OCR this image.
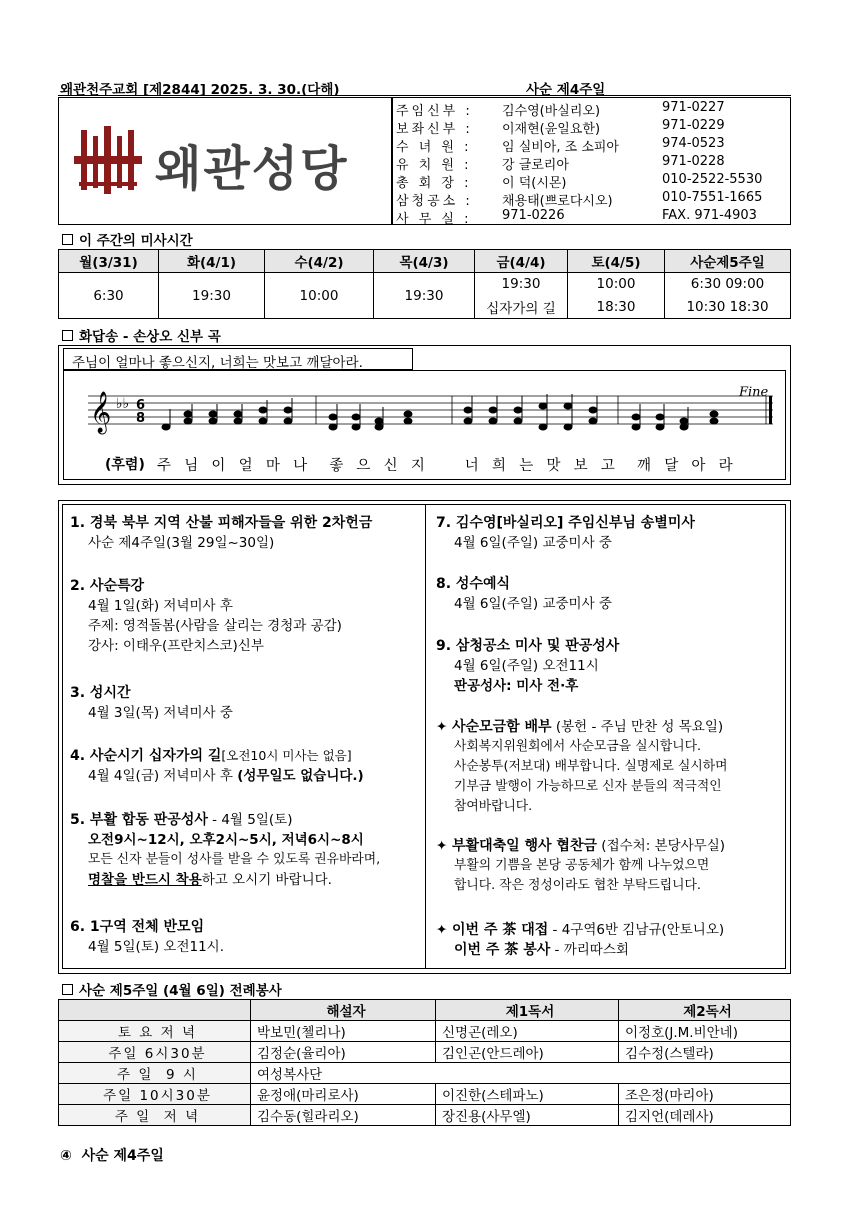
왜관천주교회 [제2844] 2025. 3. 30.(다해)	사순 제4주일
왜관성당
주임신부 : 김수영(바실리오)	971-0227
보좌신부 : 이재현(윤일요한)	971-0229
수 녀 원 : 임 실비아, 조 소피아	974-0523
유 치 원 : 강 글로리아	971-0228
총 회 장 : 이 덕(시몬)	010-2522-5530
삼청공소 : 채용태(쁘로다시오)	010-7551-1665
사 무 실 : 971-0226	FAX. 971-4903
이 주간의 미사시간
월(3/31)	화(4/1)	수(4/2)	목(4/3)	금(4/4)	토(4/5)	사순제5주일
6:30	19:30	10:00	19:30	19:30	10:00	6:30 09:00
				십자가의 길	18:30	10:30 18:30
화답송 - 손상오 신부 곡
주님이 얼마나 좋으신지, 너희는 맛보고 깨달아라.
Fine
(후렴) 주 님 이 얼 마 나  좋 으 신 지    너 희 는 맛 보 고  깨 달 아 라
𝄞 ♭♭ 6
8
1. 경북 북부 지역 산불 피해자들을 위한 2차헌금
사순 제4주일(3월 29일~30일)
2. 사순특강
4월 1일(화) 저녁미사 후
주제: 영적돌봄(사람을 살리는 경청과 공감)
강사: 이태우(프란치스코)신부
3. 성시간
4월 3일(목) 저녁미사 중
4. 사순시기 십자가의 길[오전10시 미사는 없음]
4월 4일(금) 저녁미사 후 (성무일도 없습니다.)
5. 부활 합동 판공성사 - 4월 5일(토)
오전9시~12시, 오후2시~5시, 저녁6시~8시
모든 신자 분들이 성사를 받을 수 있도록 권유바라며,
명찰을 반드시 착용하고 오시기 바랍니다.
6. 1구역 전체 반모임
4월 5일(토) 오전11시.
7. 김수영[바실리오] 주임신부님 송별미사
4월 6일(주일) 교중미사 중
8. 성수예식
4월 6일(주일) 교중미사 중
9. 삼청공소 미사 및 판공성사
4월 6일(주일) 오전11시
판공성사: 미사 전·후
✦ 사순모금함 배부 (봉헌 - 주님 만찬 성 목요일)
사회복지위원회에서 사순모금을 실시합니다.
사순봉투(저보대) 배부합니다. 실명제로 실시하며
기부금 발행이 가능하므로 신자 분들의 적극적인
참여바랍니다.
✦ 부활대축일 행사 협찬금 (접수처: 본당사무실)
부활의 기쁨을 본당 공동체가 함께 나누었으면
합니다. 작은 정성이라도 협찬 부탁드립니다.
✦ 이번 주 茶 대접 - 4구역6반 김남규(안토니오)
이번 주 茶 봉사 - 까리따스회
사순 제5주일 (4월 6일) 전례봉사
	해설자	제1독서	제2독서
토 요 저 녁	박보민(첼리나)	신명곤(레오)	이정호(J.M.비안네)
주일 6시30분	김정순(율리아)	김인곤(안드레아)	김수정(스텔라)
주 일  9 시	여성복사단		
주일 10시30분	윤정애(마리로사)	이진한(스테파노)	조은정(마리아)
주 일  저 녁	김수동(힐라리오)	장진용(사무엘)	김지언(데레사)
④  사순 제4주일
